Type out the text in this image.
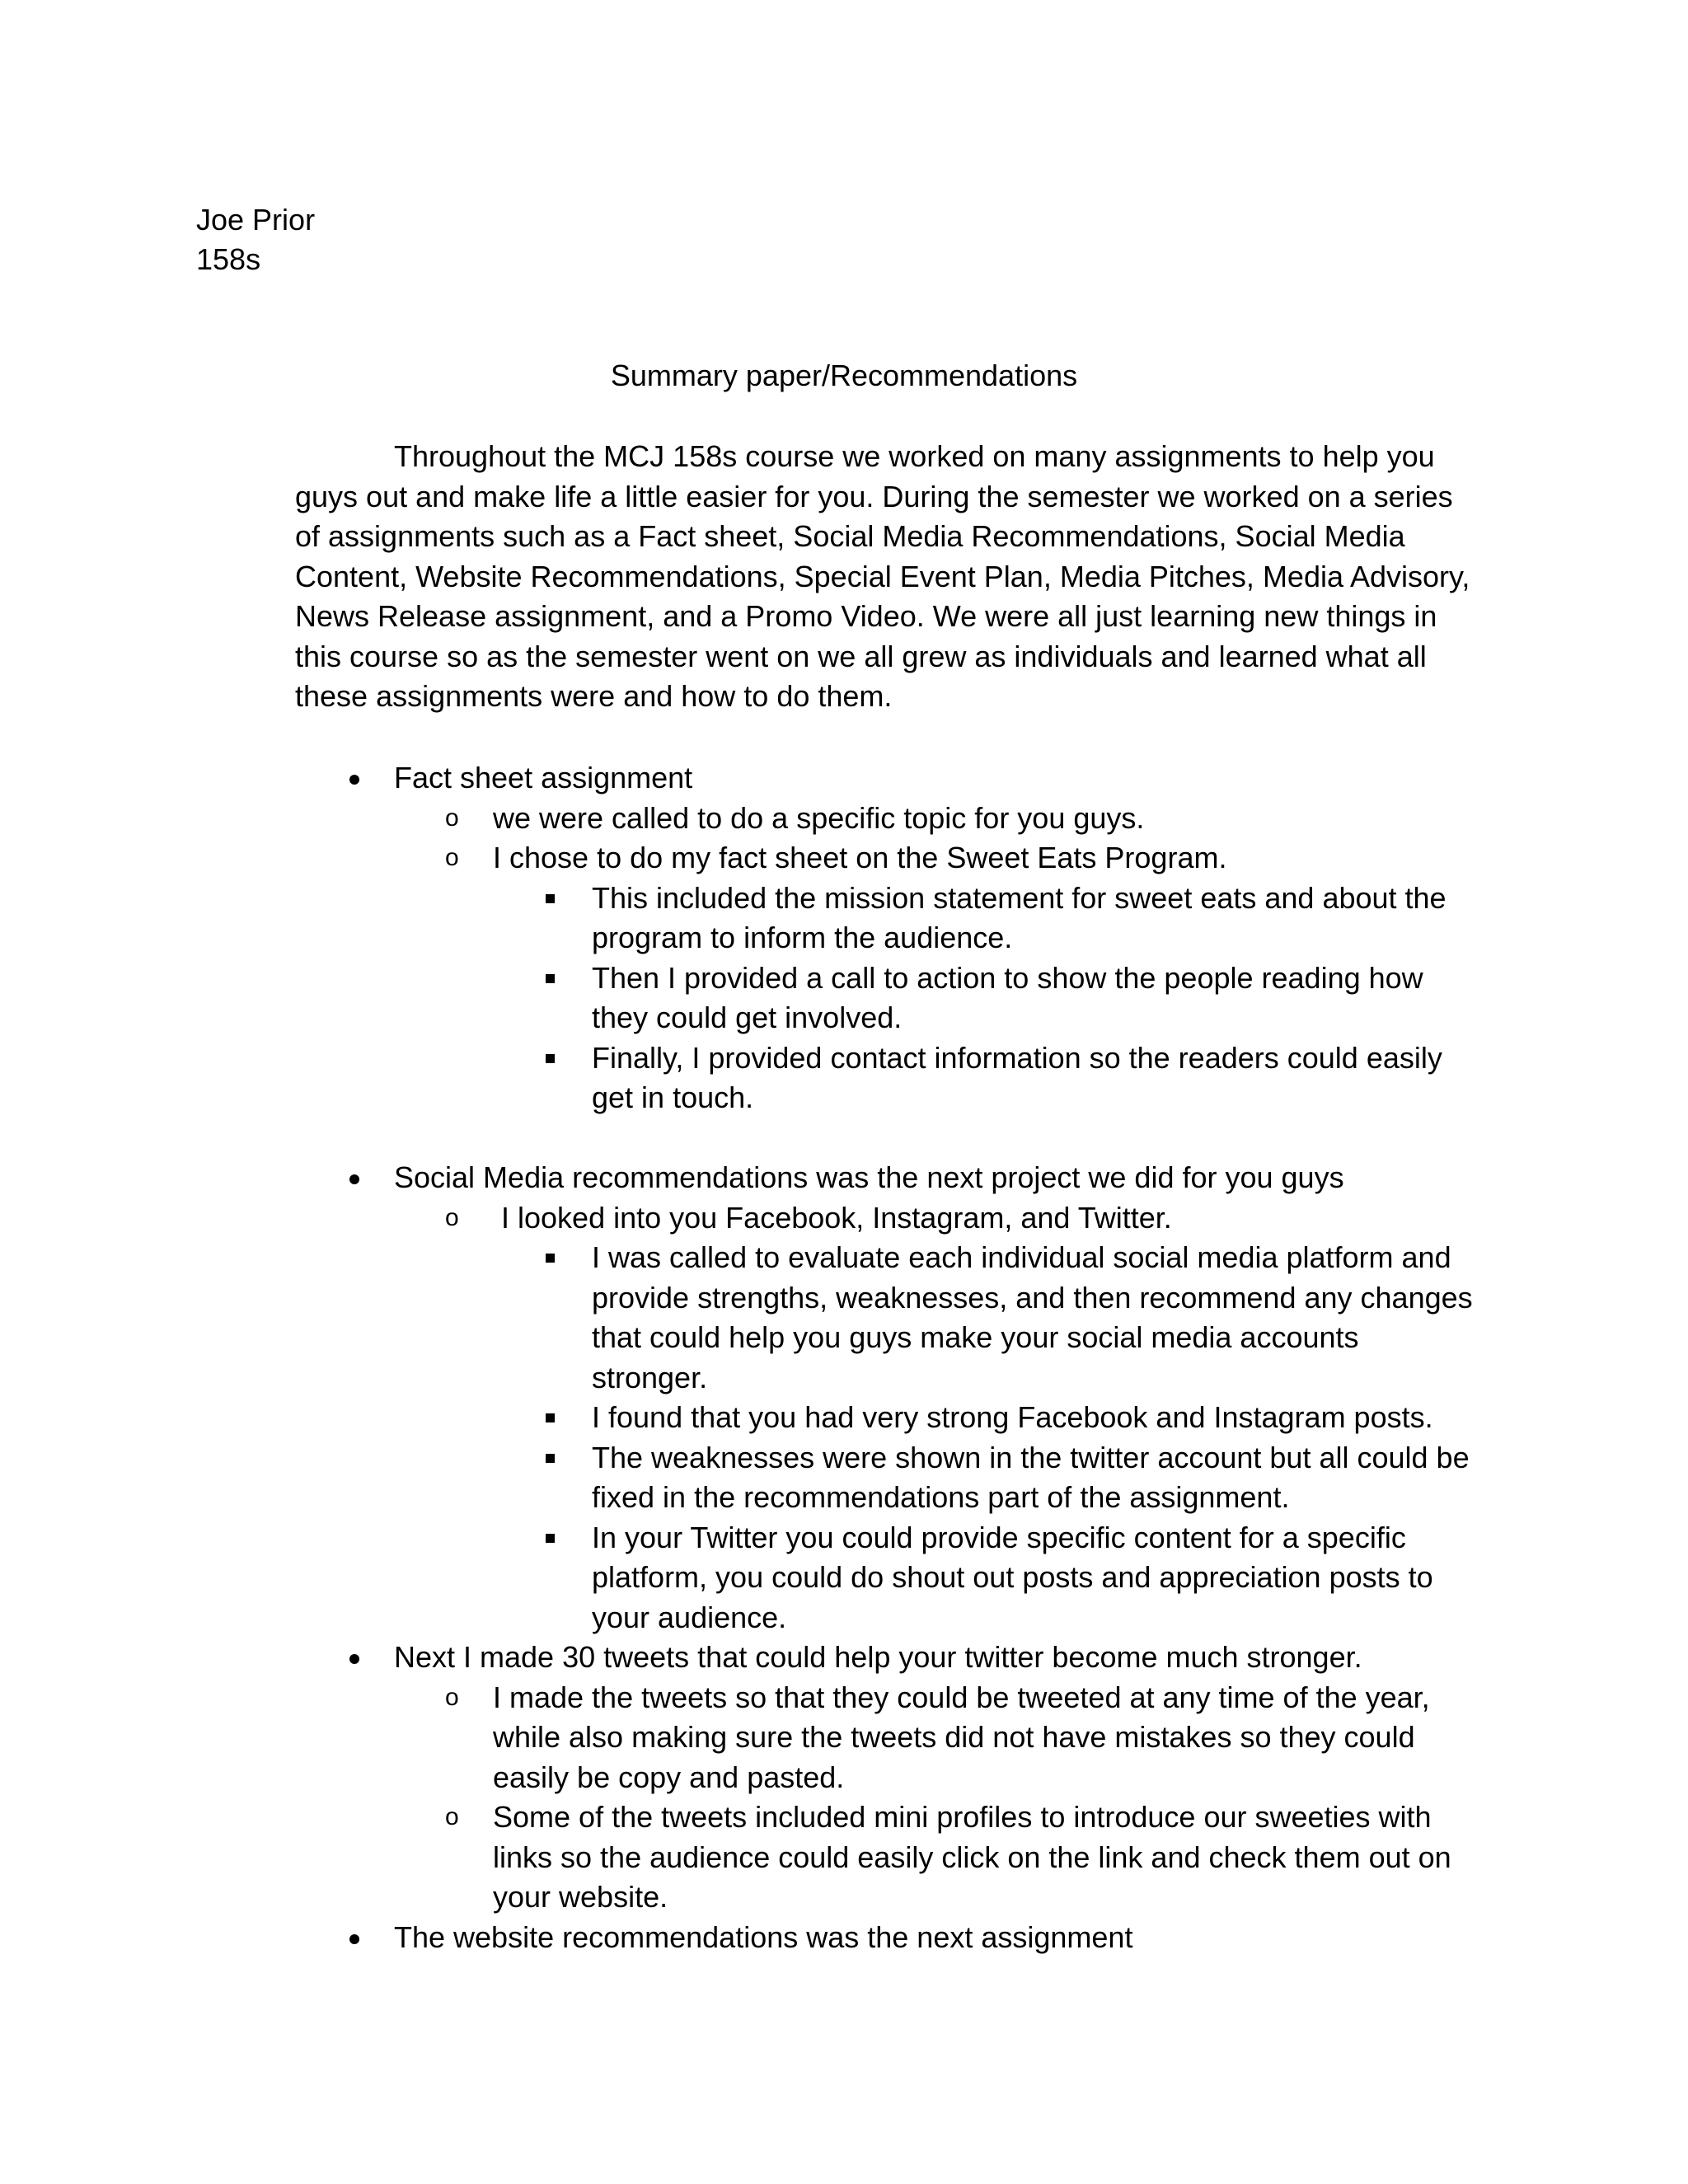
Joe Prior
158s
Summary paper/Recommendations

Throughout the MCJ 158s course we worked on many assignments to help you guys out and make life a little easier for you. During the semester we worked on a series of assignments such as a Fact sheet, Social Media Recommendations, Social Media Content, Website Recommendations, Special Event Plan, Media Pitches, Media Advisory, News Release assignment, and a Promo Video. We were all just learning new things in this course so as the semester went on we all grew as individuals and learned what all these assignments were and how to do them.

Fact sheet assignment
o we were called to do a specific topic for you guys.
o I chose to do my fact sheet on the Sweet Eats Program.
This included the mission statement for sweet eats and about the program to inform the audience.
Then I provided a call to action to show the people reading how they could get involved.
Finally, I provided contact information so the readers could easily get in touch.
Social Media recommendations was the next project we did for you guys
o I looked into you Facebook, Instagram, and Twitter.
I was called to evaluate each individual social media platform and provide strengths, weaknesses, and then recommend any changes that could help you guys make your social media accounts stronger.
I found that you had very strong Facebook and Instagram posts.
The weaknesses were shown in the twitter account but all could be fixed in the recommendations part of the assignment.
In your Twitter you could provide specific content for a specific platform, you could do shout out posts and appreciation posts to your audience.
Next I made 30 tweets that could help your twitter become much stronger.
o I made the tweets so that they could be tweeted at any time of the year, while also making sure the tweets did not have mistakes so they could easily be copy and pasted.
o Some of the tweets included mini profiles to introduce our sweeties with links so the audience could easily click on the link and check them out on your website.
The website recommendations was the next assignment
